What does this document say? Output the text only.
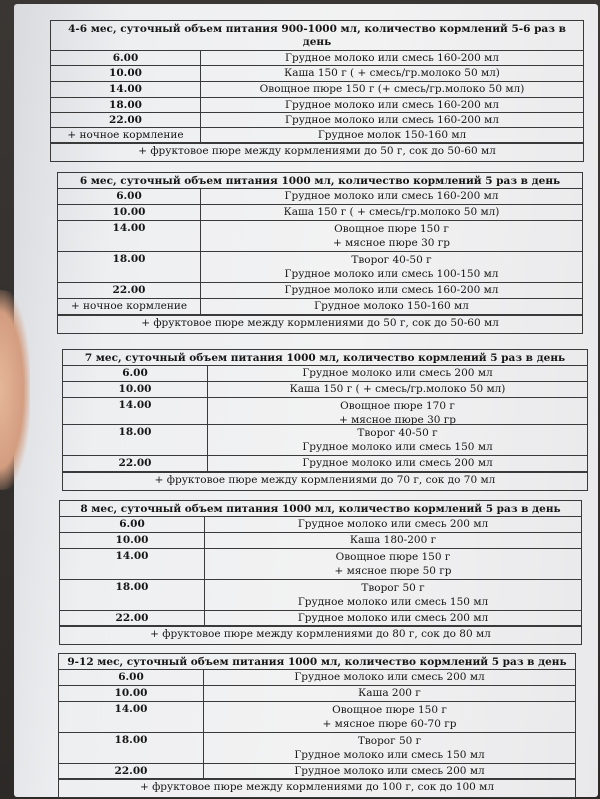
4-6 мес, суточный объем питания 900-1000 мл, количество кормлений 5-6 раз в день
6.00	Грудное молоко или смесь 160-200 мл
10.00	Каша 150 г ( + смесь/гр.молоко 50 мл)
14.00	Овощное пюре 150 г (+ смесь/гр.молоко 50 мл)
18.00	Грудное молоко или смесь 160-200 мл
22.00	Грудное молоко или смесь 160-200 мл
+ ночное кормление	Грудное молок 150-160 мл
+ фруктовое пюре между кормлениями до 50 г, сок до 50-60 мл
6 мес, суточный объем питания 1000 мл, количество кормлений 5 раз в день
6.00	Грудное молоко или смесь 160-200 мл
10.00	Каша 150 г ( + смесь/гр.молоко 50 мл)
14.00	Овощное пюре 150 г
+ мясное пюре 30 гр
18.00	Творог 40-50 г
Грудное молоко или смесь 100-150 мл
22.00	Грудное молоко или смесь 160-200 мл
+ ночное кормление	Грудное молоко 150-160 мл
+ фруктовое пюре между кормлениями до 50 г, сок до 50-60 мл
7 мес, суточный объем питания 1000 мл, количество кормлений 5 раз в день
6.00	Грудное молоко или смесь 200 мл
10.00	Каша 150 г ( + смесь/гр.молоко 50 мл)
14.00	Овощное пюре 170 г
+ мясное пюре 30 гр
18.00	Творог 40-50 г
Грудное молоко или смесь 150 мл
22.00	Грудное молоко или смесь 200 мл
+ фруктовое пюре между кормлениями до 70 г, сок до 70 мл
8 мес, суточный объем питания 1000 мл, количество кормлений 5 раз в день
6.00	Грудное молоко или смесь 200 мл
10.00	Каша 180-200 г
14.00	Овощное пюре 150 г
+ мясное пюре 50 гр
18.00	Творог 50 г
Грудное молоко или смесь 150 мл
22.00	Грудное молоко или смесь 200 мл
+ фруктовое пюре между кормлениями до 80 г, сок до 80 мл
9-12 мес, суточный объем питания 1000 мл, количество кормлений 5 раз в день
6.00	Грудное молоко или смесь 200 мл
10.00	Каша 200 г
14.00	Овощное пюре 150 г
+ мясное пюре 60-70 гр
18.00	Творог 50 г
Грудное молоко или смесь 150 мл
22.00	Грудное молоко или смесь 200 мл
+ фруктовое пюре между кормлениями до 100 г, сок до 100 мл
